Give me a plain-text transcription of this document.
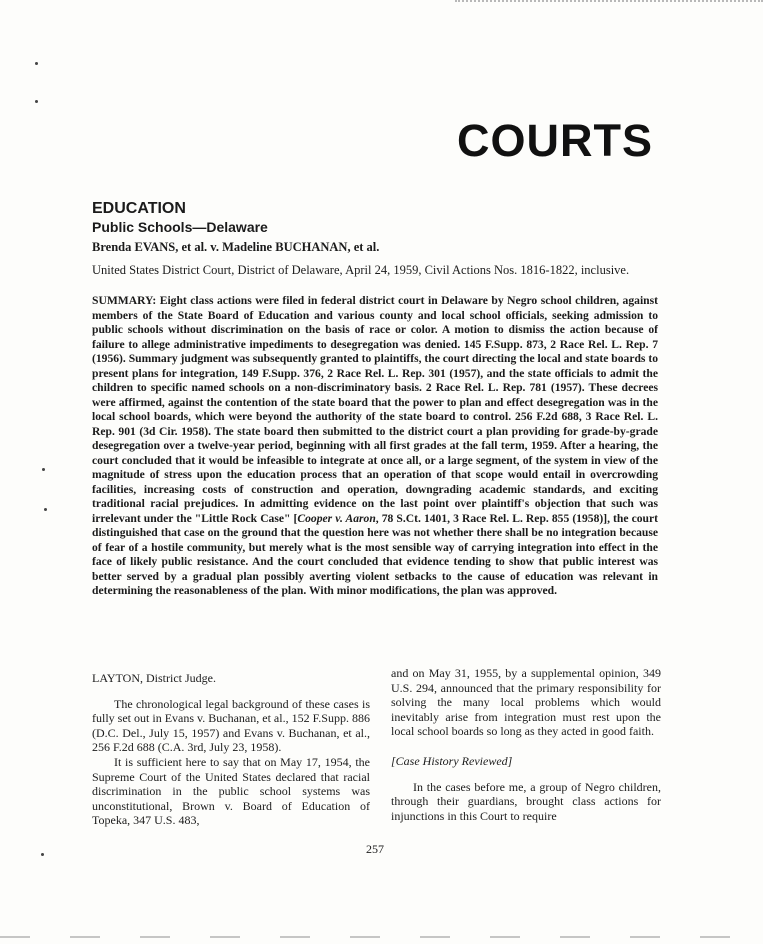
COURTS
EDUCATION
Public Schools—Delaware

Brenda EVANS, et al. v. Madeline BUCHANAN, et al.

United States District Court, District of Delaware, April 24, 1959, Civil Actions Nos. 1816-1822, inclusive.

SUMMARY: Eight class actions were filed in federal district court in Delaware by Negro school children, against members of the State Board of Education and various county and local school officials, seeking admission to public schools without discrimination on the basis of race or color. A motion to dismiss the action because of failure to allege administrative impediments to desegregation was denied. 145 F.Supp. 873, 2 Race Rel. L. Rep. 7 (1956). Summary judgment was subsequently granted to plaintiffs, the court directing the local and state boards to present plans for integration, 149 F.Supp. 376, 2 Race Rel. L. Rep. 301 (1957), and the state officials to admit the children to specific named schools on a non-discriminatory basis. 2 Race Rel. L. Rep. 781 (1957). These decrees were affirmed, against the contention of the state board that the power to plan and effect desegregation was in the local school boards, which were beyond the authority of the state board to control. 256 F.2d 688, 3 Race Rel. L. Rep. 901 (3d Cir. 1958). The state board then submitted to the district court a plan providing for grade-by-grade desegregation over a twelve-year period, beginning with all first grades at the fall term, 1959. After a hearing, the court concluded that it would be infeasible to integrate at once all, or a large segment, of the system in view of the magnitude of stress upon the education process that an operation of that scope would entail in overcrowding facilities, increasing costs of construction and operation, downgrading academic standards, and exciting traditional racial prejudices. In admitting evidence on the last point over plaintiff's objection that such was irrelevant under the "Little Rock Case" [Cooper v. Aaron, 78 S.Ct. 1401, 3 Race Rel. L. Rep. 855 (1958)], the court distinguished that case on the ground that the question here was not whether there shall be no integration because of fear of a hostile community, but merely what is the most sensible way of carrying integration into effect in the face of likely public resistance. And the court concluded that evidence tending to show that public interest was better served by a gradual plan possibly averting violent setbacks to the cause of education was relevant in determining the reasonableness of the plan. With minor modifications, the plan was approved.

LAYTON, District Judge.

The chronological legal background of these cases is fully set out in Evans v. Buchanan, et al., 152 F.Supp. 886 (D.C. Del., July 15, 1957) and Evans v. Buchanan, et al., 256 F.2d 688 (C.A. 3rd, July 23, 1958).

It is sufficient here to say that on May 17, 1954, the Supreme Court of the United States declared that racial discrimination in the public school systems was unconstitutional, Brown v. Board of Education of Topeka, 347 U.S. 483,

and on May 31, 1955, by a supplemental opinion, 349 U.S. 294, announced that the primary responsibility for solving the many local problems which would inevitably arise from integration must rest upon the local school boards so long as they acted in good faith.

[Case History Reviewed]

In the cases before me, a group of Negro children, through their guardians, brought class actions for injunctions in this Court to require

257
